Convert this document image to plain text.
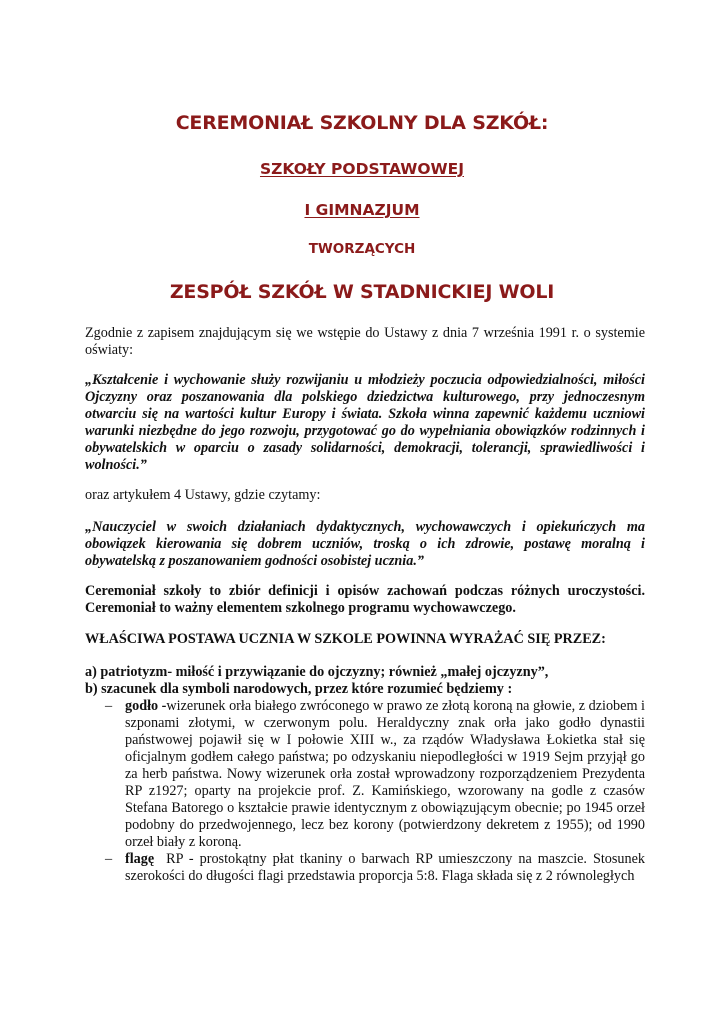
CEREMONIAŁ SZKOLNY DLA SZKÓŁ:
SZKOŁY PODSTAWOWEJ
I GIMNAZJUM
TWORZĄCYCH
ZESPÓŁ SZKÓŁ W STADNICKIEJ WOLI
Zgodnie z zapisem znajdującym się we wstępie do Ustawy z dnia 7 września 1991 r. o systemie oświaty:
„Kształcenie i wychowanie służy rozwijaniu u młodzieży poczucia odpowiedzialności, miłości Ojczyzny oraz poszanowania dla polskiego dziedzictwa kulturowego, przy jednoczesnym otwarciu się na wartości kultur Europy i świata. Szkoła winna zapewnić każdemu uczniowi warunki niezbędne do jego rozwoju, przygotować go do wypełniania obowiązków rodzinnych i obywatelskich w oparciu o zasady solidarności, demokracji, tolerancji, sprawiedliwości i wolności.”
oraz artykułem 4 Ustawy, gdzie czytamy:
„Nauczyciel w swoich działaniach dydaktycznych, wychowawczych i opiekuńczych ma obowiązek kierowania się dobrem uczniów, troską o ich zdrowie, postawę moralną i obywatelską z poszanowaniem godności osobistej ucznia.”
Ceremoniał szkoły to zbiór definicji i opisów zachowań podczas różnych uroczystości. Ceremoniał to ważny elementem szkolnego programu wychowawczego.
WŁAŚCIWA POSTAWA UCZNIA W SZKOLE POWINNA WYRAŻAĆ SIĘ PRZEZ:
a) patriotyzm- miłość i przywiązanie do ojczyzny; również „małej ojczyzny”,
b) szacunek dla symboli narodowych, przez które rozumieć będziemy :
– godło -wizerunek orła białego zwróconego w prawo ze złotą koroną na głowie, z dziobem i szponami złotymi, w czerwonym polu. Heraldyczny znak orła jako godło dynastii państwowej pojawił się w I połowie XIII w., za rządów Władysława Łokietka stał się oficjalnym godłem całego państwa; po odzyskaniu niepodległości w 1919 Sejm przyjął go za herb państwa. Nowy wizerunek orła został wprowadzony rozporządzeniem Prezydenta RP z1927; oparty na projekcie prof. Z. Kamińskiego, wzorowany na godle z czasów Stefana Batorego o kształcie prawie identycznym z obowiązującym obecnie; po 1945 orzeł podobny do przedwojennego, lecz bez korony (potwierdzony dekretem z 1955); od 1990 orzeł biały z koroną.
– flagę RP - prostokątny płat tkaniny o barwach RP umieszczony na maszcie. Stosunek szerokości do długości flagi przedstawia proporcja 5:8. Flaga składa się z 2 równoległych
